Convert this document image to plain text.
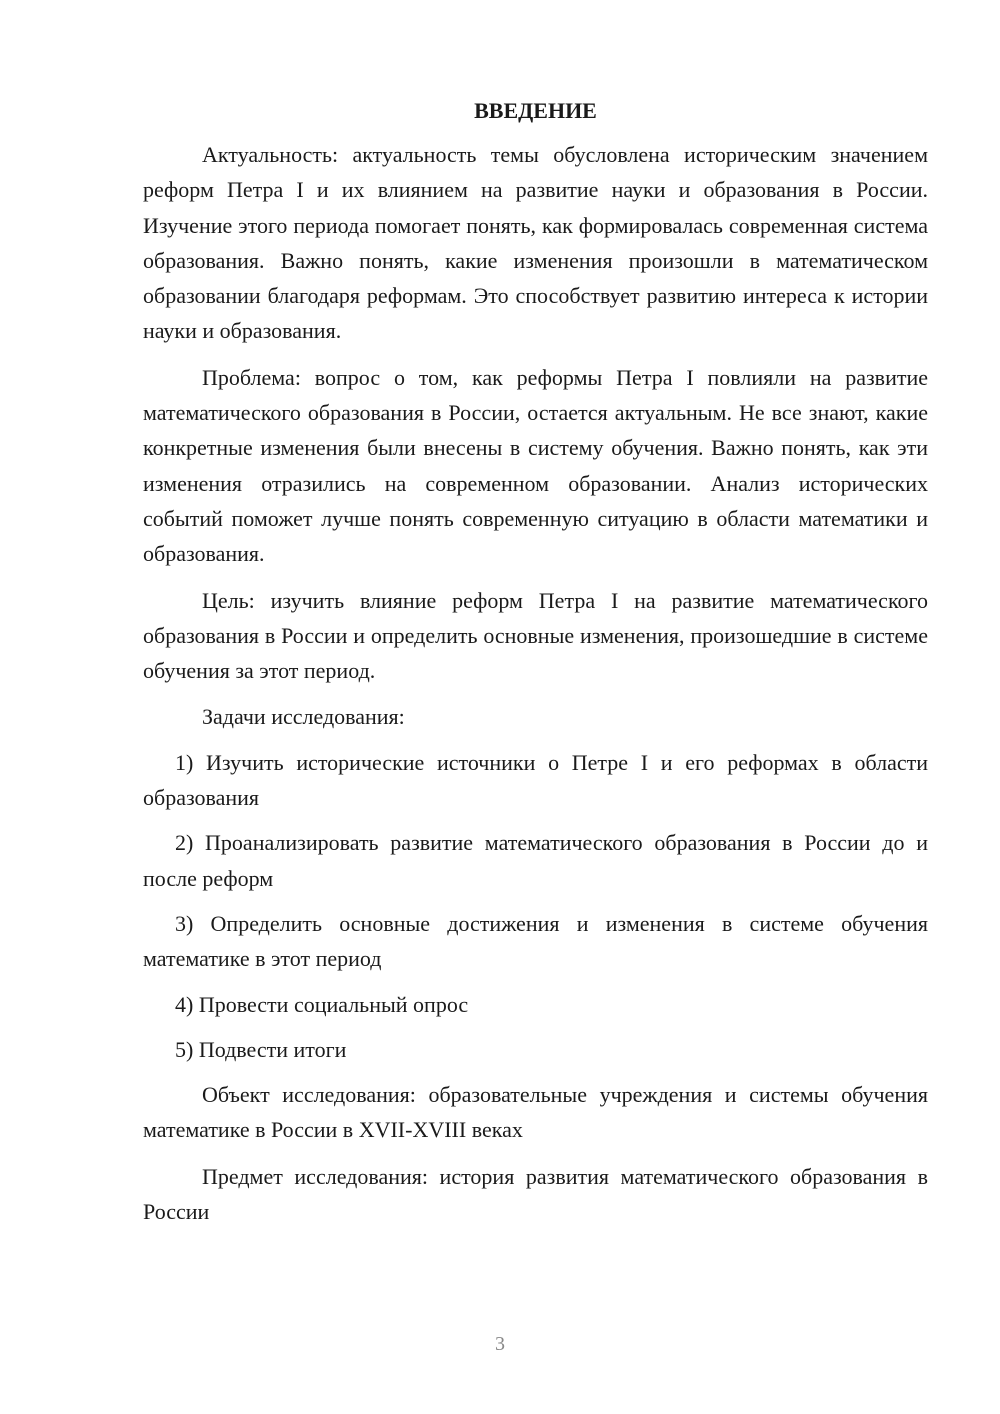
ВВЕДЕНИЕ

Актуальность: актуальность темы обусловлена историческим значением реформ Петра I и их влиянием на развитие науки и образования в России. Изучение этого периода помогает понять, как формировалась современная система образования. Важно понять, какие изменения произошли в математическом образовании благодаря реформам. Это способствует развитию интереса к истории науки и образования.

Проблема: вопрос о том, как реформы Петра I повлияли на развитие математического образования в России, остается актуальным. Не все знают, какие конкретные изменения были внесены в систему обучения. Важно понять, как эти изменения отразились на современном образовании. Анализ исторических событий поможет лучше понять современную ситуацию в области математики и образования.

Цель: изучить влияние реформ Петра I на развитие математического образования в России и определить основные изменения, произошедшие в системе обучения за этот период.

Задачи исследования:

1) Изучить исторические источники о Петре I и его реформах в области образования

2) Проанализировать развитие математического образования в России до и после реформ

3) Определить основные достижения и изменения в системе обучения математике в этот период

4) Провести социальный опрос

5) Подвести итоги

Объект исследования: образовательные учреждения и системы обучения математике в России в XVII-XVIII веках

Предмет исследования: история развития математического образования в России

3
